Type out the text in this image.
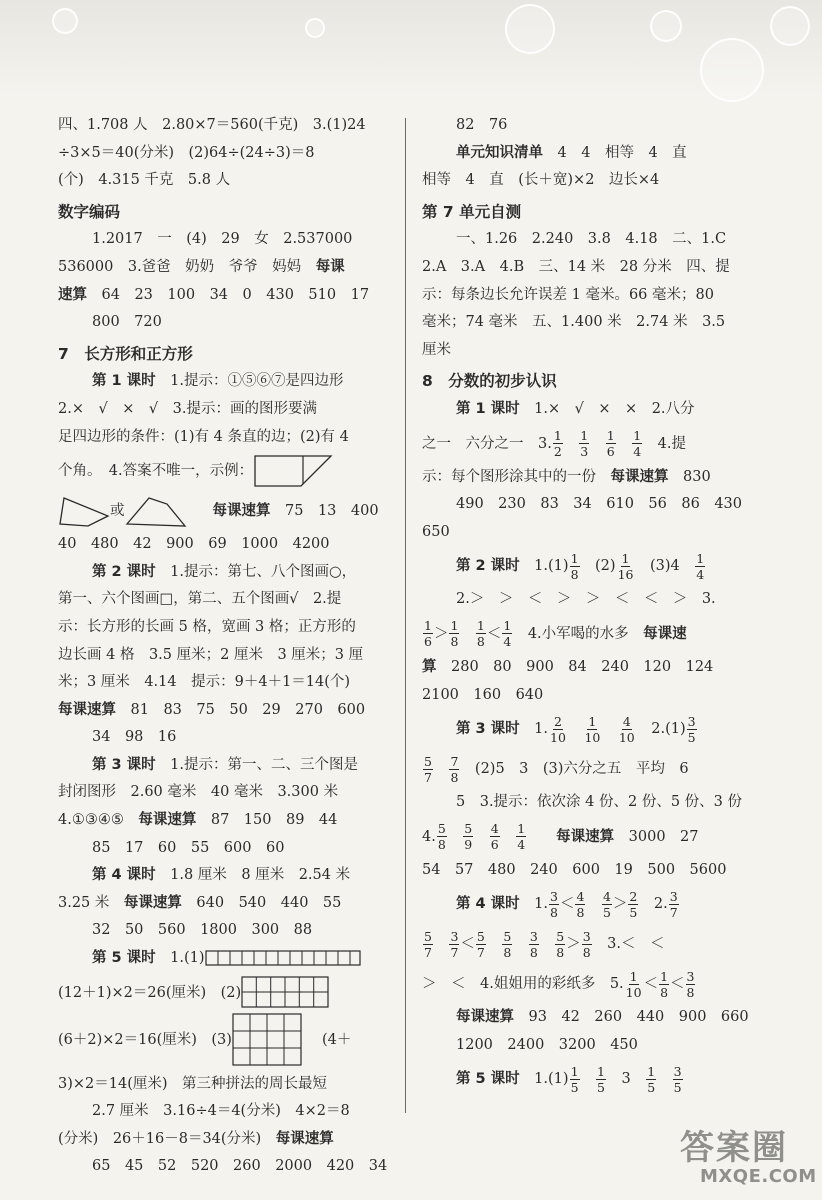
四、1.708 人　2.80×7＝560(千克)　3.(1)24
÷3×5＝40(分米)　(2)64÷(24÷3)＝8
(个)　4.315 千克　5.8 人
数字编码
1.2017　一　(4)　29　女　2.537000
536000　3.爸爸　奶奶　爷爷　妈妈　每课
速算　64　23　100　34　0　430　510　17
800　720
7　长方形和正方形
第 1 课时　1.提示：①⑤⑥⑦是四边形
2.×　√　×　√　3.提示：画的图形要满
足四边形的条件：(1)有 4 条直的边；(2)有 4
个角。　4.答案不唯一，示例：
或	每课速算　75　13　400
40　480　42　900　69　1000　4200
第 2 课时　1.提示：第七、八个图画○，
第一、六个图画□，第二、五个图画√　2.提
示：长方形的长画 5 格，宽画 3 格；正方形的
边长画 4 格　3.5 厘米；2 厘米　3 厘米；3 厘
米；3 厘米　4.14　提示：9＋4＋1＝14(个)
每课速算　81　83　75　50　29　270　600
34　98　16
第 3 课时　1.提示：第一、二、三个图是
封闭图形　2.60 毫米　40 毫米　3.300 米
4.①③④⑤　每课速算　87　150　89　44
85　17　60　55　600　60
第 4 课时　1.8 厘米　8 厘米　2.54 米
3.25 米　每课速算　640　540　440　55
32　50　560　1800　300　88
第 5 课时　1.(1)
(12＋1)×2＝26(厘米)　(2)
(6＋2)×2＝16(厘米)　(3)	(4＋
3)×2＝14(厘米)　第三种拼法的周长最短
2.7 厘米　3.16÷4＝4(分米)　4×2＝8
(分米)　26＋16－8＝34(分米)　每课速算
65　45　52　520　260　2000　420　34
82　76
单元知识清单　4　4　相等　4　直
相等　4　直　(长＋宽)×2　边长×4
第 7 单元自测
一、1.26　2.240　3.8　4.18　二、1.C
2.A　3.A　4.B　三、14 米　28 分米　四、提
示：每条边长允许误差 1 毫米。66 毫米；80
毫米；74 毫米　五、1.400 米　2.74 米　3.5
厘米
8　分数的初步认识
第 1 课时　1.×　√　×　×　2.八分
之一　六分之一　3. $\frac{1}{2}$
　 $\frac{1}{3}$
　 $\frac{1}{6}$
　 $\frac{1}{4}$
　 4.提
示：每个图形涂其中的一份　每课速算　830
490　230　83　34　610　56　86　430
650
第 2 课时　$1.(1) \frac{1}{8}$
　 $(2) \frac{1}{16}$
　 (3)4　 $\frac{1}{4}$
2.＞　＞　＜　＞　＞　＜　＜　＞　3.
$\frac{1}{6} > \frac{1}{8}$
　 $\frac{1}{8} < \frac{1}{4}$
　 4.小军喝的水多　每课速
算　280　80　900　84　240　120　124
2100　160　640
第 3 课时　1. $\frac{2}{10}$
　 $\frac{1}{10}$
　 $\frac{4}{10}$
　 $2.(1) \frac{3}{5}$
$\frac{5}{7}$
　 $\frac{7}{8}$
　 (2)5　3　(3)六分之五　平均　6
5　3.提示：依次涂 4 份、2 份、5 份、3 份
4. $\frac{5}{8}$
　 $\frac{5}{9}$
　 $\frac{4}{6}$
　 $\frac{1}{4}$
　　 每课速算　3000　27
54　57　480　240　600　19　500　5600
第 4 课时　1. $\frac{3}{8} < \frac{4}{8}$
　 $\frac{4}{5} > \frac{2}{5}$
　 2. $\frac{3}{7}$
$\frac{5}{7}$
　 $\frac{3}{7} < \frac{5}{7}$
　 $\frac{5}{8}$
　 $\frac{3}{8}$
　 $\frac{5}{8} > \frac{3}{8}$
　 3.＜　＜
＞　＜　4.姐姐用的彩纸多　5. $\frac{1}{10} < \frac{1}{8} < \frac{3}{8}$
每课速算　93　42　260　440　900　660
1200　2400　3200　450
第 5 课时　$1.(1) \frac{1}{5}$
　 $\frac{1}{5}$
　 3　 $\frac{1}{5}$
　 $\frac{3}{5}$
答案圈
MXQE.COM
